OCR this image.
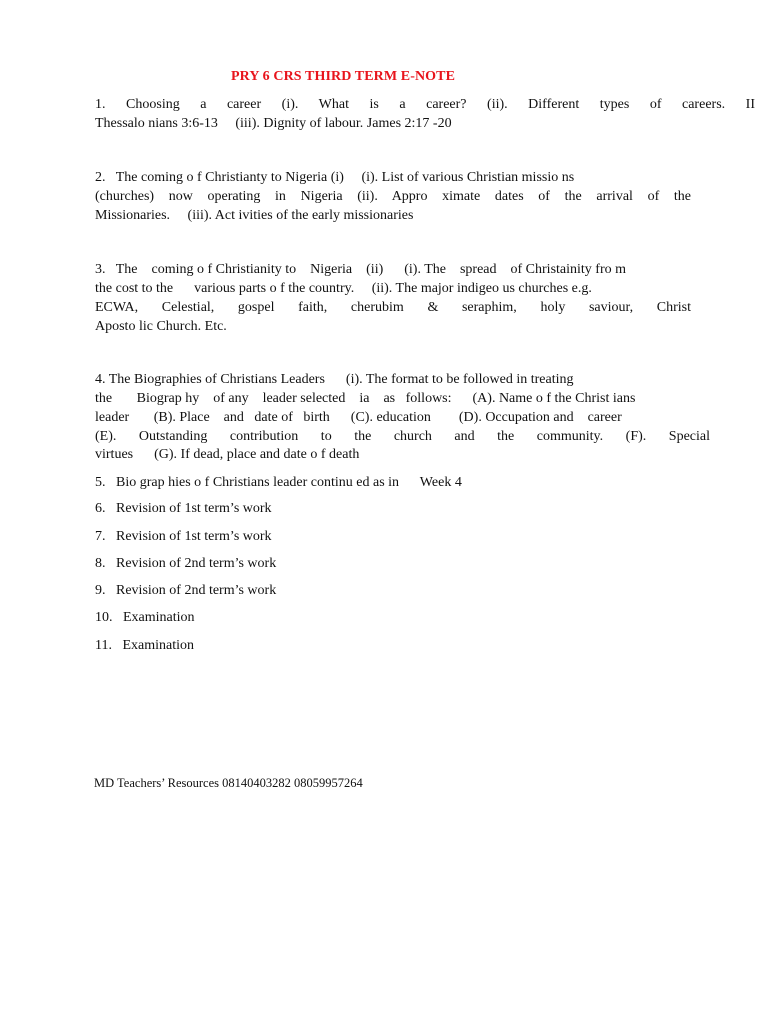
PRY 6 CRS THIRD TERM E-NOTE
1. Choosing a career (i). What is a career? (ii). Different types of careers. II
Thessalo nians 3:6-13     (iii). Dignity of labour. James 2:17 -20
2.   The coming o f Christianty to Nigeria (i)     (i). List of various Christian missio ns
(churches) now operating in Nigeria (ii). Appro ximate dates of the arrival of the
Missionaries.     (iii). Act ivities of the early missionaries
3.   The    coming o f Christianity to    Nigeria    (ii)      (i). The    spread    of Christainity fro m
the cost to the      various parts o f the country.     (ii). The major indigeo us churches e.g.
ECWA, Celestial, gospel faith, cherubim & seraphim, holy saviour, Christ
Aposto lic Church. Etc.
4. The Biographies of Christians Leaders      (i). The format to be followed in treating
the       Biograp hy    of any    leader selected    ia    as   follows:      (A). Name o f the Christ ians
leader       (B). Place    and   date of   birth      (C). education        (D). Occupation and    career
(E). Outstanding contribution to the church and the community. (F). Special
virtues      (G). If dead, place and date o f death
5.   Bio grap hies o f Christians leader continu ed as in      Week 4
6.   Revision of 1st term’s work
7.   Revision of 1st term’s work
8.   Revision of 2nd term’s work
9.   Revision of 2nd term’s work
10.   Examination
11.   Examination
MD Teachers’ Resources 08140403282 08059957264
